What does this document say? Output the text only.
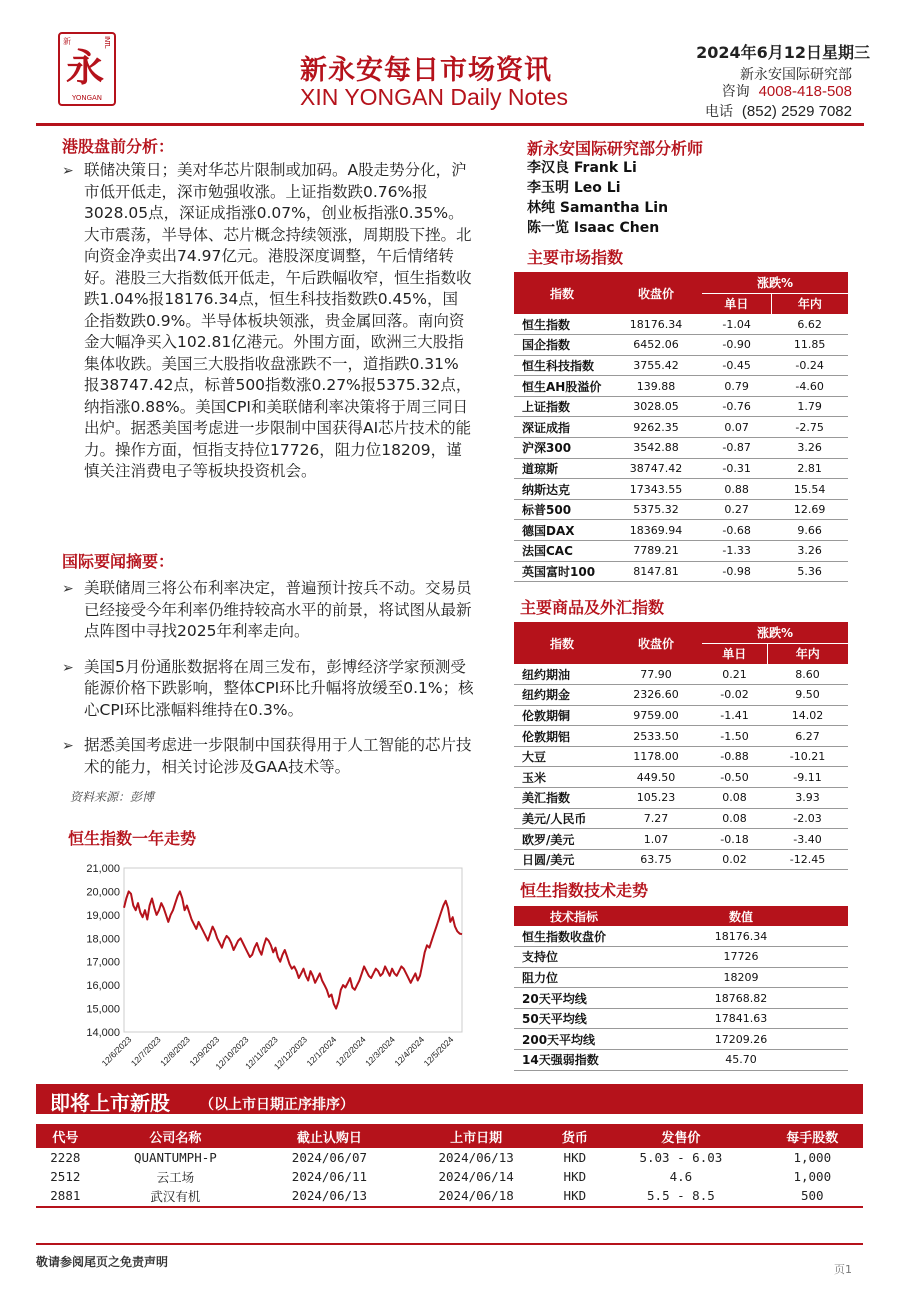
新	INTL
永
YONGAN
新永安每日市场资讯
XIN YONGAN Daily Notes
2024年6月12日星期三
新永安国际研究部
咨询 4008-418-508
电话 (852) 2529 7082
港股盘前分析：
➢ 联储决策日；美对华芯片限制或加码。A股走势分化，沪市低开低走，深市勉强收涨。上证指数跌0.76%报3028.05点，深证成指涨0.07%，创业板指涨0.35%。大市震荡，半导体、芯片概念持续领涨，周期股下挫。北向资金净卖出74.97亿元。港股深度调整，午后情绪转好。港股三大指数低开低走，午后跌幅收窄，恒生指数收跌1.04%报18176.34点，恒生科技指数跌0.45%，国企指数跌0.9%。半导体板块领涨，贵金属回落。南向资金大幅净买入102.81亿港元。外围方面，欧洲三大股指集体收跌。美国三大股指收盘涨跌不一，道指跌0.31%报38747.42点，标普500指数涨0.27%报5375.32点，纳指涨0.88%。美国CPI和美联储利率决策将于周三同日出炉。据悉美国考虑进一步限制中国获得AI芯片技术的能力。操作方面，恒指支持位17726，阻力位18209，谨慎关注消费电子等板块投资机会。
国际要闻摘要：
➢ 美联储周三将公布利率决定，普遍预计按兵不动。交易员已经接受今年利率仍维持较高水平的前景，将试图从最新点阵图中寻找2025年利率走向。
➢ 美国5月份通胀数据将在周三发布，彭博经济学家预测受能源价格下跌影响，整体CPI环比升幅将放缓至0.1%；核心CPI环比涨幅料维持在0.3%。
➢ 据悉美国考虑进一步限制中国获得用于人工智能的芯片技术的能力，相关讨论涉及GAA技术等。
资料来源：彭博
恒生指数一年走势
14,000
15,000
16,000
17,000
18,000
19,000
20,000
21,000
12/6/2023
12/7/2023
12/8/2023
12/9/2023
12/10/2023
12/11/2023
12/12/2023
12/1/2024
12/2/2024
12/3/2024
12/4/2024
12/5/2024
新永安国际研究部分析师
李汉良 Frank Li
李玉明 Leo Li
林纯 Samantha Lin
陈一览 Isaac Chen
主要市场指数
指数	收盘价	涨跌%	
		单日	年内
恒生指数	18176.34	-1.04	6.62
国企指数	6452.06	-0.90	11.85
恒生科技指数	3755.42	-0.45	-0.24
恒生AH股溢价	139.88	0.79	-4.60
上证指数	3028.05	-0.76	1.79
深证成指	9262.35	0.07	-2.75
沪深300	3542.88	-0.87	3.26
道琼斯	38747.42	-0.31	2.81
纳斯达克	17343.55	0.88	15.54
标普500	5375.32	0.27	12.69
德国DAX	18369.94	-0.68	9.66
法国CAC	7789.21	-1.33	3.26
英国富时100	8147.81	-0.98	5.36
主要商品及外汇指数
指数	收盘价	涨跌%	
		单日	年内
纽约期油	77.90	0.21	8.60
纽约期金	2326.60	-0.02	9.50
伦敦期铜	9759.00	-1.41	14.02
伦敦期铝	2533.50	-1.50	6.27
大豆	1178.00	-0.88	-10.21
玉米	449.50	-0.50	-9.11
美汇指数	105.23	0.08	3.93
美元/人民币	7.27	0.08	-2.03
欧罗/美元	1.07	-0.18	-3.40
日圆/美元	63.75	0.02	-12.45
恒生指数技术走势
技术指标	数值
恒生指数收盘价	18176.34
支持位	17726
阻力位	18209
20天平均线	18768.82
50天平均线	17841.63
200天平均线	17209.26
14天强弱指数	45.70
即将上市新股 （以上市日期正序排序）
代号	公司名称	截止认购日	上市日期	货币	发售价	每手股数
2228	QUANTUMPH-P	2024/06/07	2024/06/13	HKD	5.03 - 6.03	1,000
2512	云工场	2024/06/11	2024/06/14	HKD	4.6	1,000
2881	武汉有机	2024/06/13	2024/06/18	HKD	5.5 - 8.5	500
敬请参阅尾页之免责声明
页1
